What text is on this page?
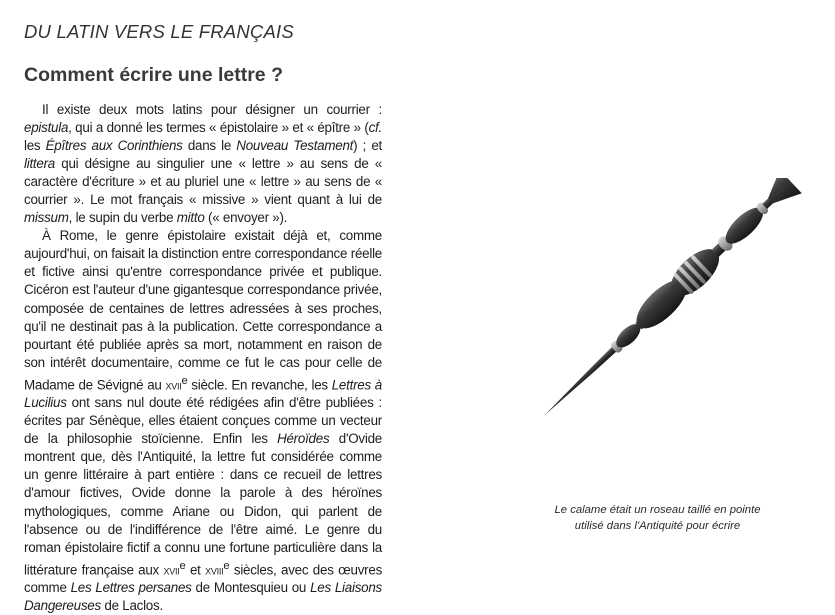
DU LATIN VERS LE FRANÇAIS
Comment écrire une lettre ?

Il existe deux mots latins pour désigner un courrier : epistula, qui a donné les termes « épistolaire » et « épître » (cf. les Épîtres aux Corinthiens dans le Nouveau Testament) ; et littera qui désigne au singulier une « lettre » au sens de « caractère d'écriture » et au pluriel une « lettre » au sens de « courrier ». Le mot français « missive » vient quant à lui de missum, le supin du verbe mitto (« envoyer »).

À Rome, le genre épistolaire existait déjà et, comme aujourd'hui, on faisait la distinction entre correspondance réelle et fictive ainsi qu'entre correspondance privée et publique. Cicéron est l'auteur d'une gigantesque correspondance privée, composée de centaines de lettres adressées à ses proches, qu'il ne destinait pas à la publication. Cette correspondance a pourtant été publiée après sa mort, notamment en raison de son intérêt documentaire, comme ce fut le cas pour celle de Madame de Sévigné au xvii$^e$ siècle. En revanche, les Lettres à Lucilius ont sans nul doute été rédigées afin d'être publiées : écrites par Sénèque, elles étaient conçues comme un vecteur de la philosophie stoïcienne. Enfin les Héroïdes d'Ovide montrent que, dès l'Antiquité, la lettre fut considérée comme un genre littéraire à part entière : dans ce recueil de lettres d'amour fictives, Ovide donne la parole à des héroïnes mythologiques, comme Ariane ou Didon, qui parlent de l'absence ou de l'indifférence de l'être aimé. Le genre du roman épistolaire fictif a connu une fortune particulière dans la littérature française aux xvii$^e$ et xviii$^e$ siècles, avec des œuvres comme Les Lettres persanes de Montesquieu ou Les Liaisons Dangereuses de Laclos.

Le calame était un roseau taillé en pointe
utilisé dans l'Antiquité pour écrire
